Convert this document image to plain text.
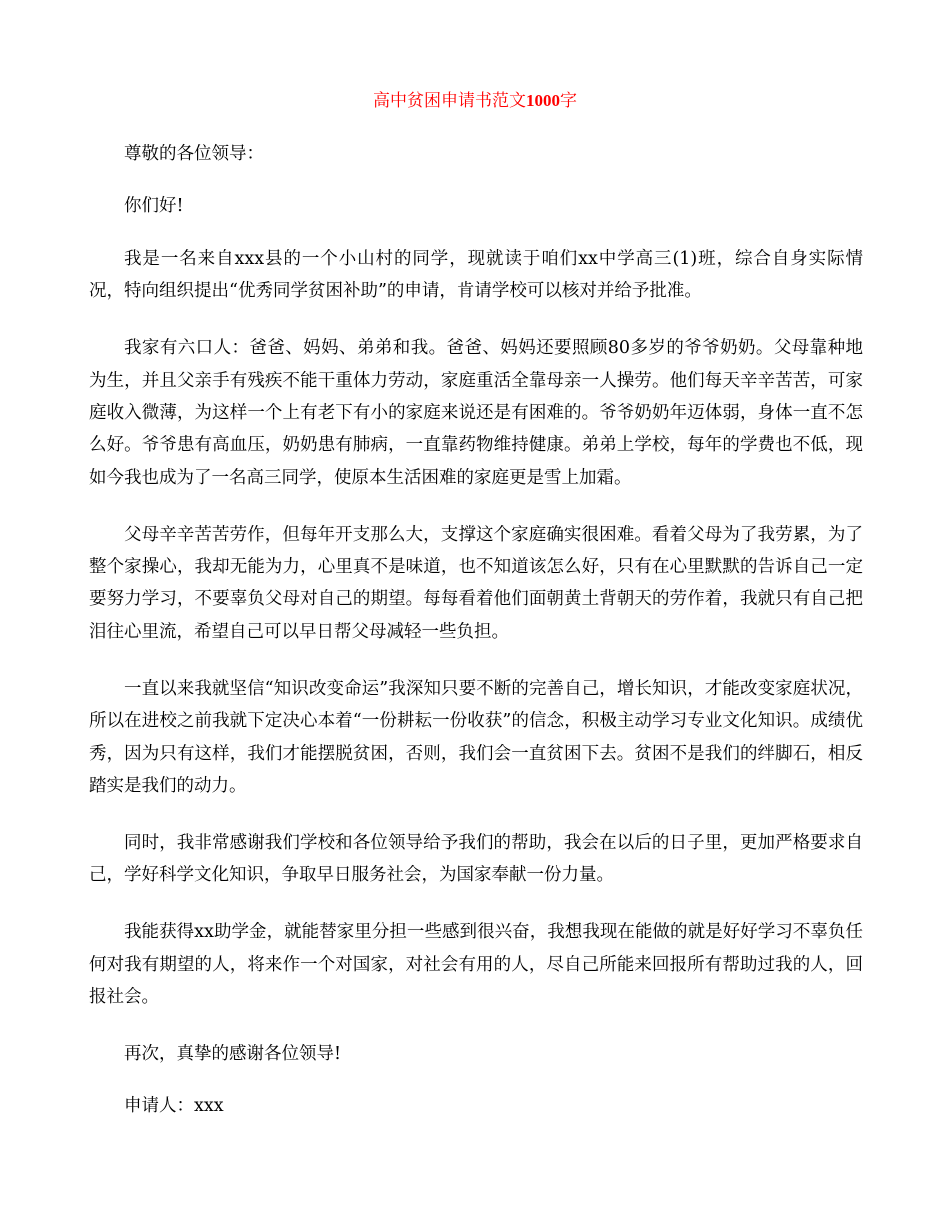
高中贫困申请书范文1000字

尊敬的各位领导：

你们好!

我是一名来自xxx县的一个小山村的同学，现就读于咱们xx中学高三(1)班，综合自身实际情况，特向组织提出“优秀同学贫困补助”的申请，肯请学校可以核对并给予批准。

我家有六口人：爸爸、妈妈、弟弟和我。爸爸、妈妈还要照顾80多岁的爷爷奶奶。父母靠种地为生，并且父亲手有残疾不能干重体力劳动，家庭重活全靠母亲一人操劳。他们每天辛辛苦苦，可家庭收入微薄，为这样一个上有老下有小的家庭来说还是有困难的。爷爷奶奶年迈体弱，身体一直不怎么好。爷爷患有高血压，奶奶患有肺病，一直靠药物维持健康。弟弟上学校，每年的学费也不低，现如今我也成为了一名高三同学，使原本生活困难的家庭更是雪上加霜。

父母辛辛苦苦劳作，但每年开支那么大，支撑这个家庭确实很困难。看着父母为了我劳累，为了整个家操心，我却无能为力，心里真不是味道，也不知道该怎么好，只有在心里默默的告诉自己一定要努力学习，不要辜负父母对自己的期望。每每看着他们面朝黄土背朝天的劳作着，我就只有自己把泪往心里流，希望自己可以早日帮父母减轻一些负担。

一直以来我就坚信“知识改变命运”我深知只要不断的完善自己，增长知识，才能改变家庭状况，所以在进校之前我就下定决心本着“一份耕耘一份收获”的信念，积极主动学习专业文化知识。成绩优秀，因为只有这样，我们才能摆脱贫困，否则，我们会一直贫困下去。贫困不是我们的绊脚石，相反踏实是我们的动力。

同时，我非常感谢我们学校和各位领导给予我们的帮助，我会在以后的日子里，更加严格要求自己，学好科学文化知识，争取早日服务社会，为国家奉献一份力量。

我能获得xx助学金，就能替家里分担一些感到很兴奋，我想我现在能做的就是好好学习不辜负任何对我有期望的人，将来作一个对国家，对社会有用的人，尽自己所能来回报所有帮助过我的人，回报社会。

再次，真挚的感谢各位领导!

申请人：xxx
